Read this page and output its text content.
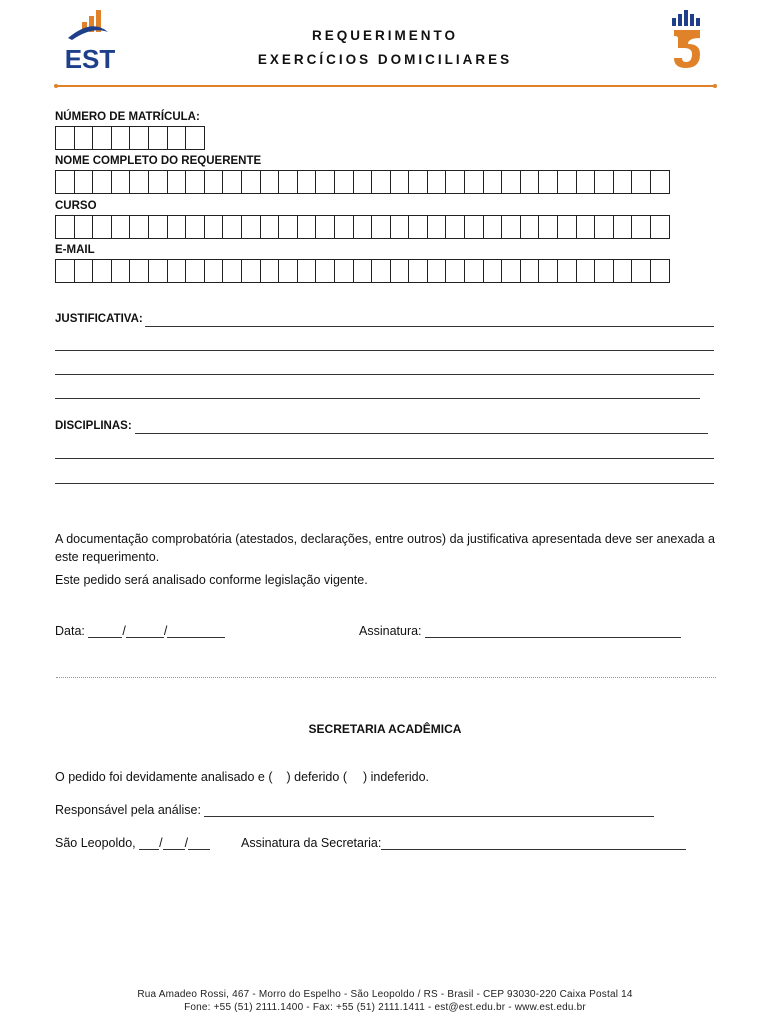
EST
REQUERIMENTO
EXERCÍCIOS DOMICILIARES
NÚMERO DE MATRÍCULA:
NOME COMPLETO DO REQUERENTE
CURSO
E-MAIL
JUSTIFICATIVA:
DISCIPLINAS:
A documentação comprobatória (atestados, declarações, entre outros) da justificativa apresentada deve ser anexada a este requerimento.
Este pedido será analisado conforme legislação vigente.
Data:	/	/	Assinatura:
SECRETARIA ACADÊMICA
O pedido foi devidamente analisado e ( ) deferido ( ) indeferido.
Responsável pela análise:
São Leopoldo, / /	Assinatura da Secretaria:
Rua Amadeo Rossi, 467 - Morro do Espelho - São Leopoldo / RS - Brasil - CEP 93030-220 Caixa Postal 14
Fone: +55 (51) 2111.1400 - Fax: +55 (51) 2111.1411 - est@est.edu.br - www.est.edu.br
